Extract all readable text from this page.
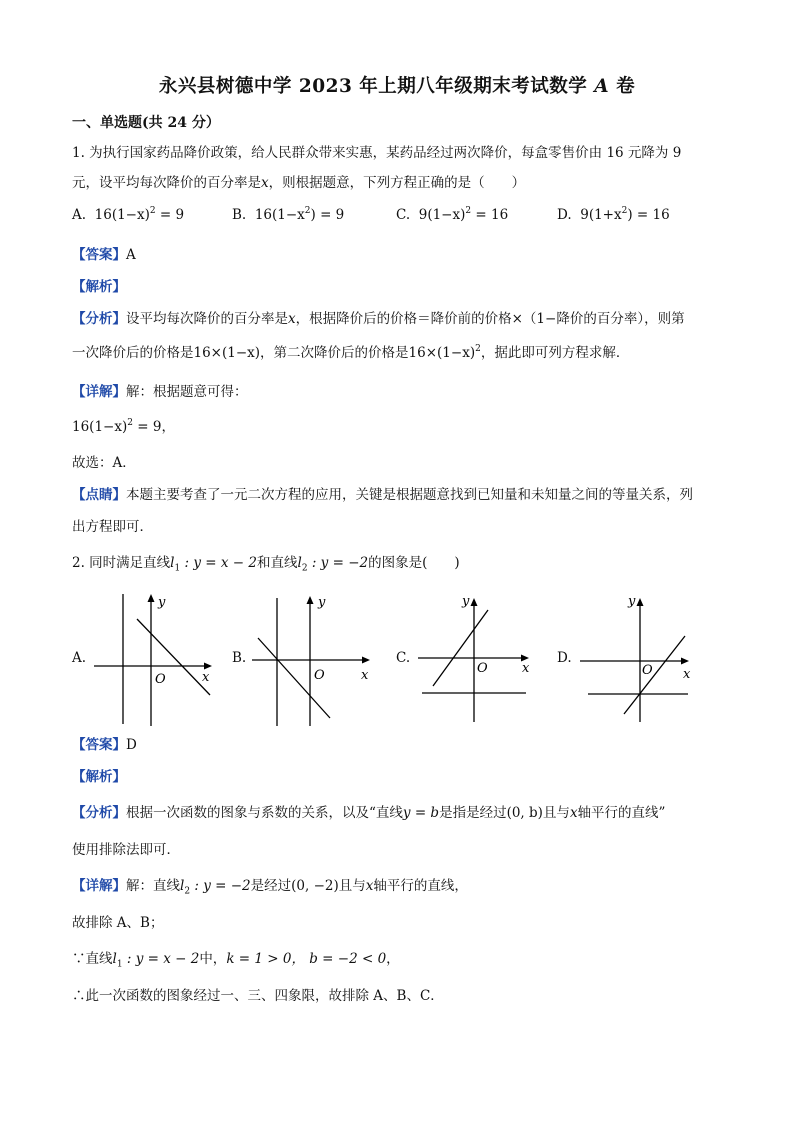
永兴县树德中学 2023 年上期八年级期末考试数学 A 卷
一、单选题(共 24 分）
1. 为执行国家药品降价政策，给人民群众带来实惠，某药品经过两次降价，每盒零售价由 16 元降为 9
元，设平均每次降价的百分率是x，则根据题意，下列方程正确的是（　　）
A. $16(1-x)^2 = 9$	B. $16(1-x^2) = 9$	C. $9(1-x)^2 = 16$	D. $9(1+x^2) = 16$
【答案】A
【解析】
【分析】设平均每次降价的百分率是x，根据降价后的价格＝降价前的价格×（1−降价的百分率），则第
一次降价后的价格是16×(1−x)，第二次降价后的价格是$16\times(1-x)^2$，据此即可列方程求解．
【详解】解：根据题意可得：
$16(1-x)^2 = 9$，
故选：A．
【点睛】本题主要考查了一元二次方程的应用，关键是根据题意找到已知量和未知量之间的等量关系，列
出方程即可．
2. 同时满足直线$l_1$ : y = x − 2和直线$l_2$ : y = −2的图象是(　　)
A.
y
x
O
B.
y
x
O
C.
y
x
O
D.
y
x
O
【答案】D
【解析】
【分析】根据一次函数的图象与系数的关系，以及“直线y = b是指是经过(0, b)且与x轴平行的直线”
使用排除法即可．
【详解】解：直线$l_2$ : y = −2是经过(0, −2)且与x轴平行的直线，
故排除 A、B；
∵直线$l_1$ : y = x − 2中，k = 1 > 0， b = −2 < 0，
∴此一次函数的图象经过一、三、四象限，故排除 A、B、C．
